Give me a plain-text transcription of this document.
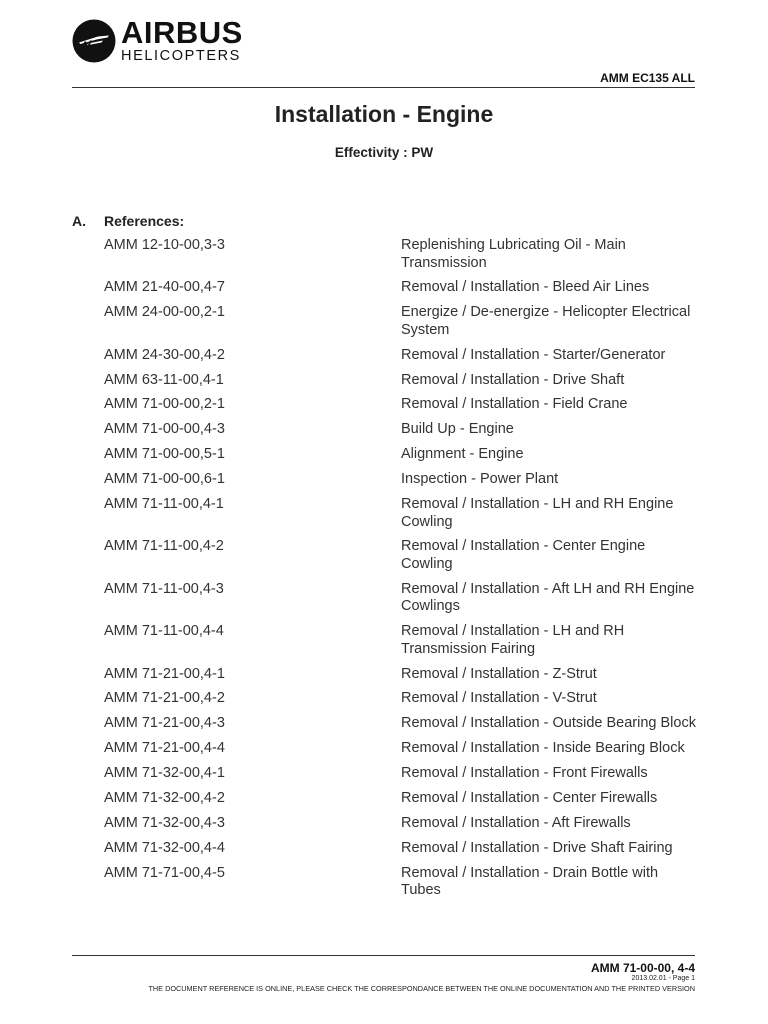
AIRBUS
HELICOPTERS
AMM EC135 ALL
Installation - Engine
Effectivity : PW
A. References:
AMM 12-10-00,3-3	Replenishing Lubricating Oil - Main Transmission
AMM 21-40-00,4-7	Removal / Installation - Bleed Air Lines
AMM 24-00-00,2-1	Energize / De-energize - Helicopter Electrical System
AMM 24-30-00,4-2	Removal / Installation - Starter/Generator
AMM 63-11-00,4-1	Removal / Installation - Drive Shaft
AMM 71-00-00,2-1	Removal / Installation - Field Crane
AMM 71-00-00,4-3	Build Up - Engine
AMM 71-00-00,5-1	Alignment - Engine
AMM 71-00-00,6-1	Inspection - Power Plant
AMM 71-11-00,4-1	Removal / Installation - LH and RH Engine Cowling
AMM 71-11-00,4-2	Removal / Installation - Center Engine Cowling
AMM 71-11-00,4-3	Removal / Installation - Aft LH and RH Engine Cowlings
AMM 71-11-00,4-4	Removal / Installation - LH and RH Transmission Fairing
AMM 71-21-00,4-1	Removal / Installation - Z-Strut
AMM 71-21-00,4-2	Removal / Installation - V-Strut
AMM 71-21-00,4-3	Removal / Installation - Outside Bearing Block
AMM 71-21-00,4-4	Removal / Installation - Inside Bearing Block
AMM 71-32-00,4-1	Removal / Installation - Front Firewalls
AMM 71-32-00,4-2	Removal / Installation - Center Firewalls
AMM 71-32-00,4-3	Removal / Installation - Aft Firewalls
AMM 71-32-00,4-4	Removal / Installation - Drive Shaft Fairing
AMM 71-71-00,4-5	Removal / Installation - Drain Bottle with Tubes
AMM 71-00-00, 4-4
2013.02.01 - Page 1
THE DOCUMENT REFERENCE IS ONLINE, PLEASE CHECK THE CORRESPONDANCE BETWEEN THE ONLINE DOCUMENTATION AND THE PRINTED VERSION
